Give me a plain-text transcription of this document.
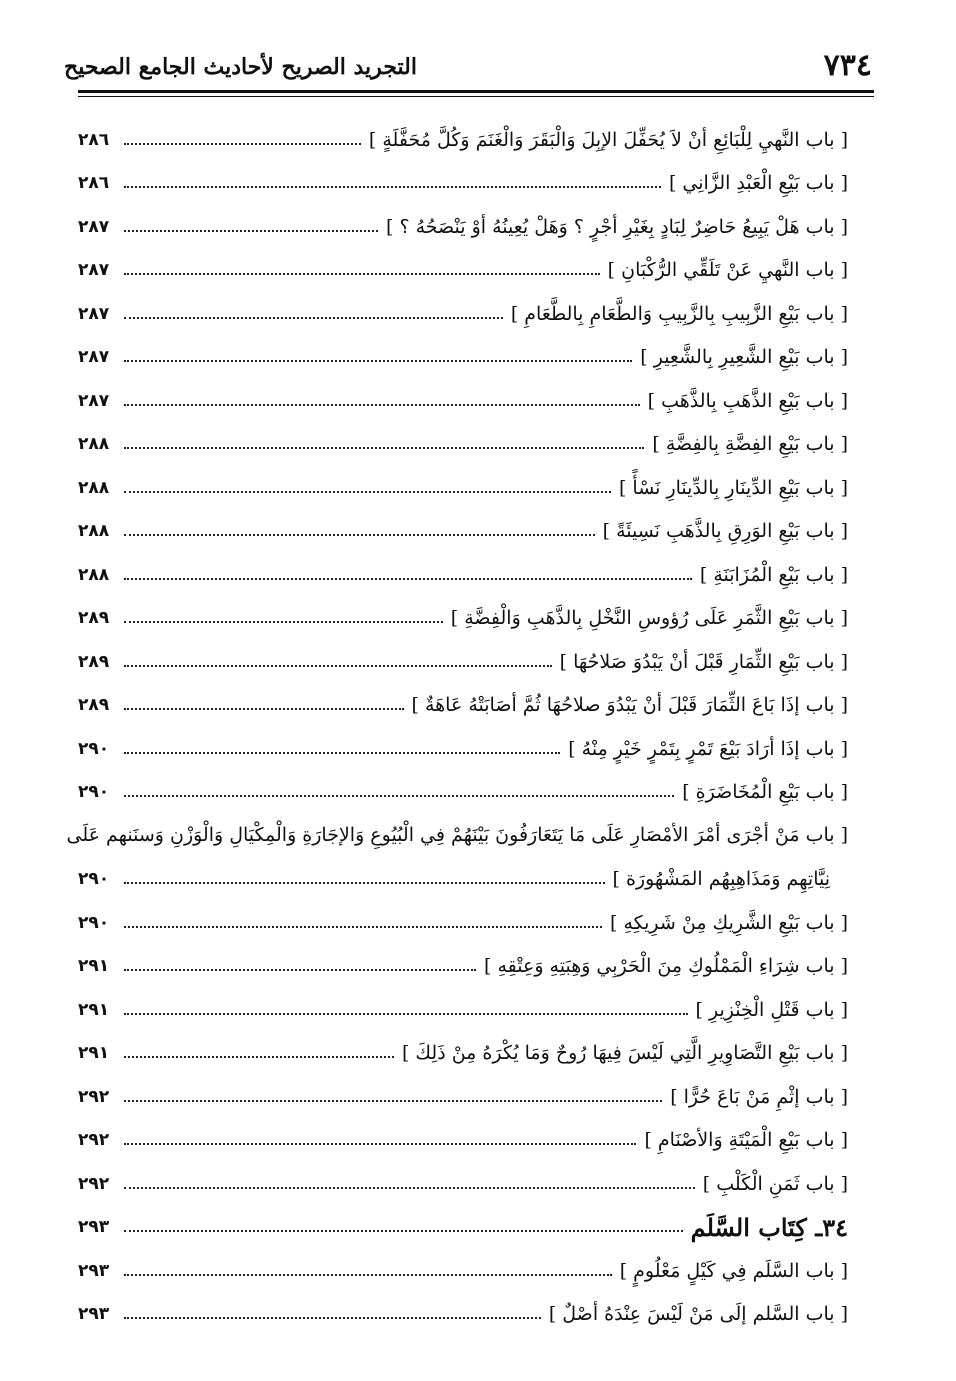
التجريد الصريح لأحاديث الجامع الصحيح	٧٣٤
[ باب النَّهيِ لِلْبَائِعِ أنْ لاَ يُحَفِّلَ الإبِلَ وَالْبَقَرَ وَالْغَنَمَ وَكُلَّ مُحَفَّلَةٍ ]
٢٨٦
[ باب بَيْعِ الْعَبْدِ الزَّانِي ]
٢٨٦
[ باب هَلْ يَبِيعُ حَاضِرٌ لِبَادٍ بِغَيْرِ أجْرٍ ؟ وَهَلْ يُعِينُهُ أوْ يَنْصَحُهُ ؟ ]
٢٨٧
[ باب النَّهيِ عَنْ تَلَقِّي الرُّكْبَانِ ]
٢٨٧
[ باب بَيْعِ الزَّبِيبِ بِالزَّبِيبِ وَالطَّعَامِ بِالطَّعَامِ ]
٢٨٧
[ باب بَيْعِ الشَّعِيرِ بِالشَّعِيرِ ]
٢٨٧
[ باب بَيْعِ الذَّهَبِ بِالذَّهَبِ ]
٢٨٧
[ باب بَيْعِ الفِضَّةِ بِالفِضَّةِ ]
٢٨٨
[ باب بَيْعِ الدِّينَارِ بِالدِّينَارِ نَسْأً ]
٢٨٨
[ باب بَيْعِ الوَرِقِ بِالذَّهَبِ نَسِيئَةً ]
٢٨٨
[ باب بَيْعِ الْمُزَابَنَةِ ]
٢٨٨
[ باب بَيْعِ الثَّمَرِ عَلَى رُؤوسِ النَّخْلِ بِالذَّهَبِ وَالْفِضَّةِ ]
٢٨٩
[ باب بَيْعِ الثِّمَارِ قَبْلَ أنْ يَبْدُوَ صَلاحُهَا ]
٢٨٩
[ باب إذَا بَاعَ الثِّمَارَ قَبْلَ أنْ يَبْدُوَ صلاحُهَا ثُمَّ أصَابَتْهُ عَاهَةٌ ]
٢٨٩
[ باب إذَا أرَادَ بَيْعَ تَمْرٍ بِتَمْرٍ خَيْرٍ مِنْهُ ]
٢٩٠
[ باب بَيْعِ الْمُخَاضَرَةِ ]
٢٩٠
[ باب مَنْ أجْرَى أمْرَ الأمْصَارِ عَلَى مَا يَتَعَارَفُونَ بَيْنَهُمْ فِي الْبُيُوعِ وَالإجَارَةِ وَالْمِكْيَالِ وَالْوَزْنِ وَسنَنهم عَلَى
نِيَّاتِهِم وَمَذَاهِبِهُم المَشْهُورَة ]
٢٩٠
[ باب بَيْعِ الشَّرِيكِ مِنْ شَرِيكِهِ ]
٢٩٠
[ باب شِرَاءِ الْمَمْلُوكِ مِنَ الْحَرْبِي وَهِبَتِهِ وَعِتْقِهِ ]
٢٩١
[ باب قَتْلِ الْخِنْزِيرِ ]
٢٩١
[ باب بَيْعِ التَّصَاوِيرِ الَّتِي لَيْسَ فِيهَا رُوحٌ وَمَا يُكْرَهُ مِنْ ذَلِكَ ]
٢٩١
[ باب إثْمِ مَنْ بَاعَ حُرًّا ]
٢٩٢
[ باب بَيْعِ الْمَيْتَةِ وَالأصْنَامِ ]
٢٩٢
[ باب ثَمَنِ الْكَلْبِ ]
٢٩٢
٣٤ـ كِتَاب السَّلَم
٢٩٣
[ باب السَّلَم فِي كَيْلٍ مَعْلُومٍ ]
٢٩٣
[ باب السَّلم إلَى مَنْ لَيْسَ عِنْدَهُ أصْلٌ ]
٢٩٣
